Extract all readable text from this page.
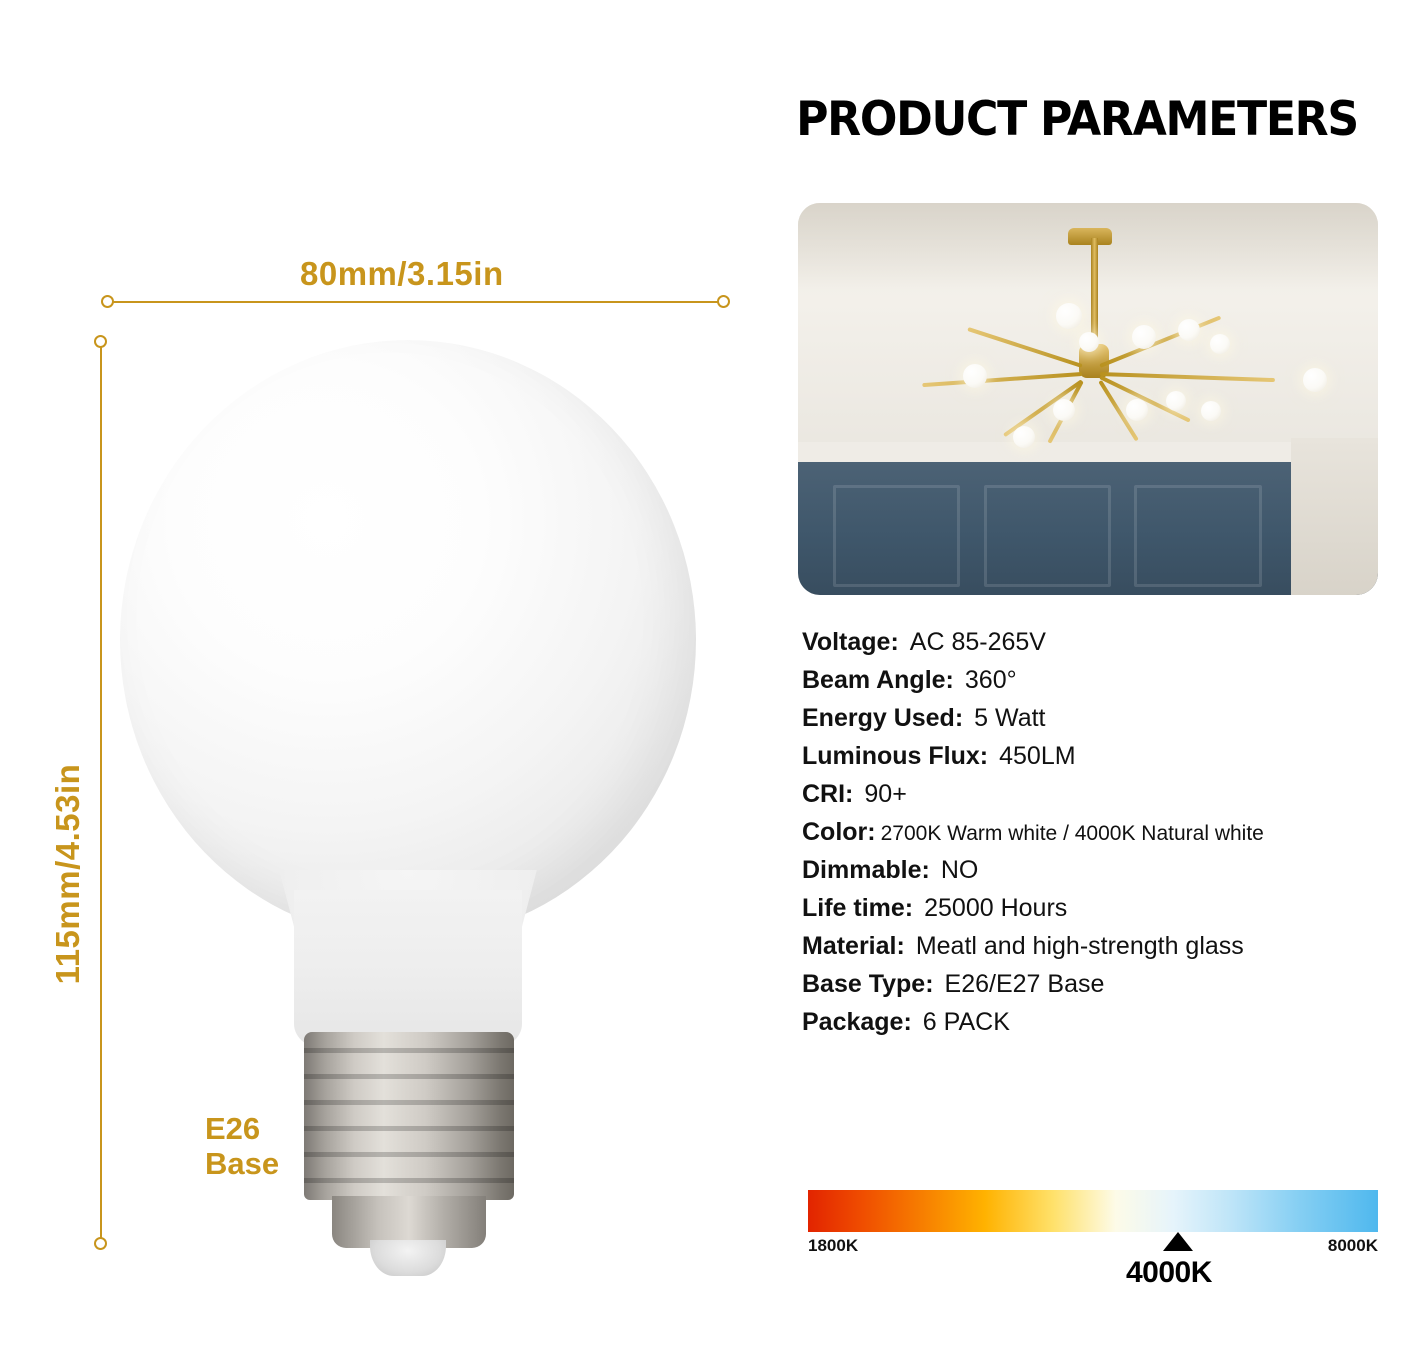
80mm/3.15in
115mm/4.53in
E26
Base
PRODUCT PARAMETERS
Voltage: AC 85-265V
Beam Angle: 360°
Energy Used: 5 Watt
Luminous Flux: 450LM
CRI: 90+
Color: 2700K Warm white / 4000K Natural white
Dimmable: NO
Life time: 25000 Hours
Material: Meatl and high-strength glass
Base Type: E26/E27 Base
Package: 6 PACK
1800K	8000K
4000K
